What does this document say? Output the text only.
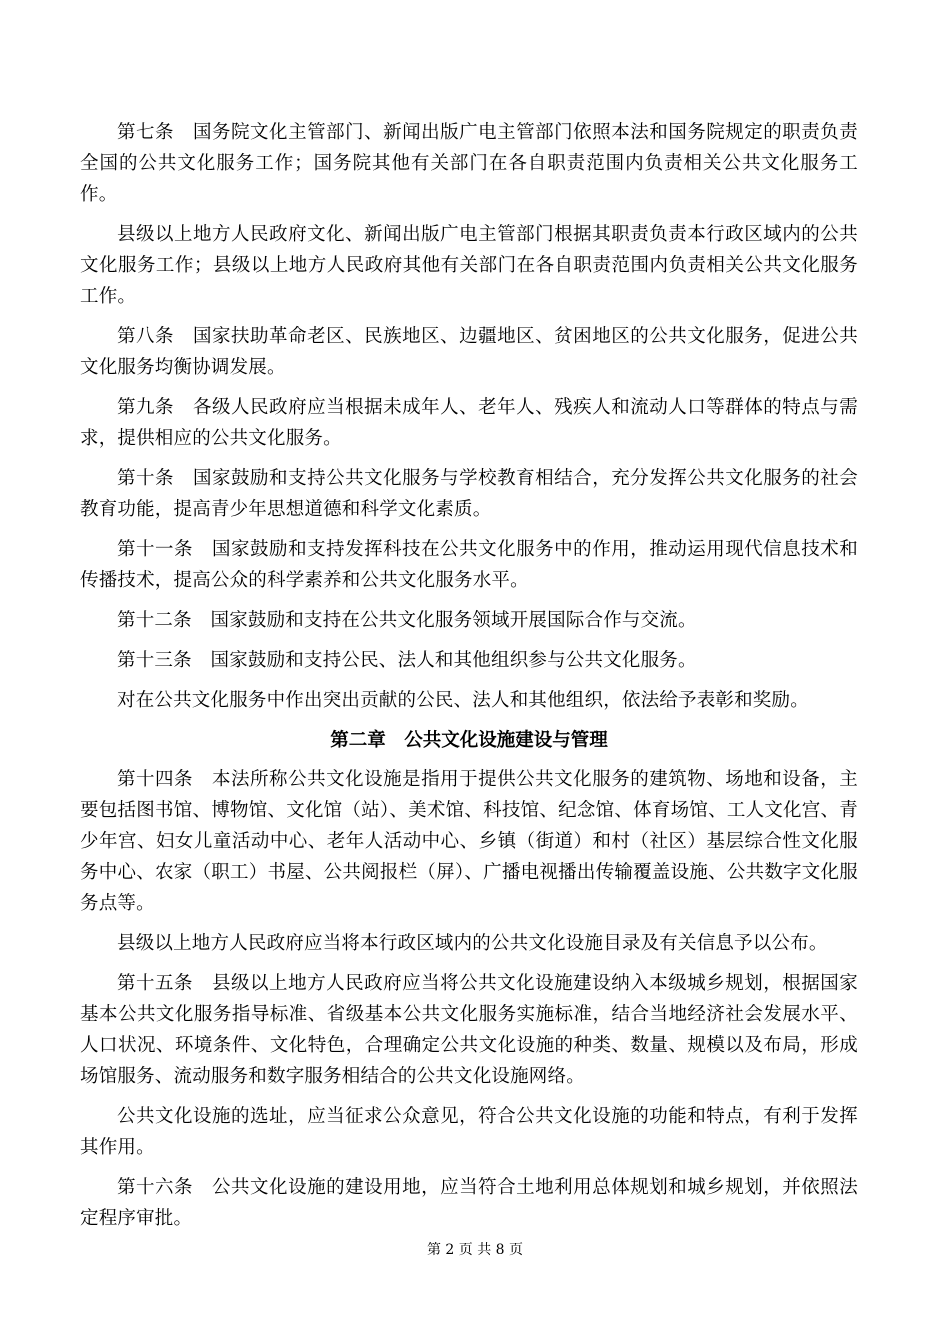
第七条　国务院文化主管部门、新闻出版广电主管部门依照本法和国务院规定的职责负责全国的公共文化服务工作；国务院其他有关部门在各自职责范围内负责相关公共文化服务工作。

县级以上地方人民政府文化、新闻出版广电主管部门根据其职责负责本行政区域内的公共文化服务工作；县级以上地方人民政府其他有关部门在各自职责范围内负责相关公共文化服务工作。

第八条　国家扶助革命老区、民族地区、边疆地区、贫困地区的公共文化服务，促进公共文化服务均衡协调发展。

第九条　各级人民政府应当根据未成年人、老年人、残疾人和流动人口等群体的特点与需求，提供相应的公共文化服务。

第十条　国家鼓励和支持公共文化服务与学校教育相结合，充分发挥公共文化服务的社会教育功能，提高青少年思想道德和科学文化素质。

第十一条　国家鼓励和支持发挥科技在公共文化服务中的作用，推动运用现代信息技术和传播技术，提高公众的科学素养和公共文化服务水平。

第十二条　国家鼓励和支持在公共文化服务领域开展国际合作与交流。

第十三条　国家鼓励和支持公民、法人和其他组织参与公共文化服务。

对在公共文化服务中作出突出贡献的公民、法人和其他组织，依法给予表彰和奖励。

第二章　公共文化设施建设与管理

第十四条　本法所称公共文化设施是指用于提供公共文化服务的建筑物、场地和设备，主要包括图书馆、博物馆、文化馆（站）、美术馆、科技馆、纪念馆、体育场馆、工人文化宫、青少年宫、妇女儿童活动中心、老年人活动中心、乡镇（街道）和村（社区）基层综合性文化服务中心、农家（职工）书屋、公共阅报栏（屏）、广播电视播出传输覆盖设施、公共数字文化服务点等。

县级以上地方人民政府应当将本行政区域内的公共文化设施目录及有关信息予以公布。

第十五条　县级以上地方人民政府应当将公共文化设施建设纳入本级城乡规划，根据国家基本公共文化服务指导标准、省级基本公共文化服务实施标准，结合当地经济社会发展水平、人口状况、环境条件、文化特色，合理确定公共文化设施的种类、数量、规模以及布局，形成场馆服务、流动服务和数字服务相结合的公共文化设施网络。

公共文化设施的选址，应当征求公众意见，符合公共文化设施的功能和特点，有利于发挥其作用。

第十六条　公共文化设施的建设用地，应当符合土地利用总体规划和城乡规划，并依照法定程序审批。

第 2 页 共 8 页
